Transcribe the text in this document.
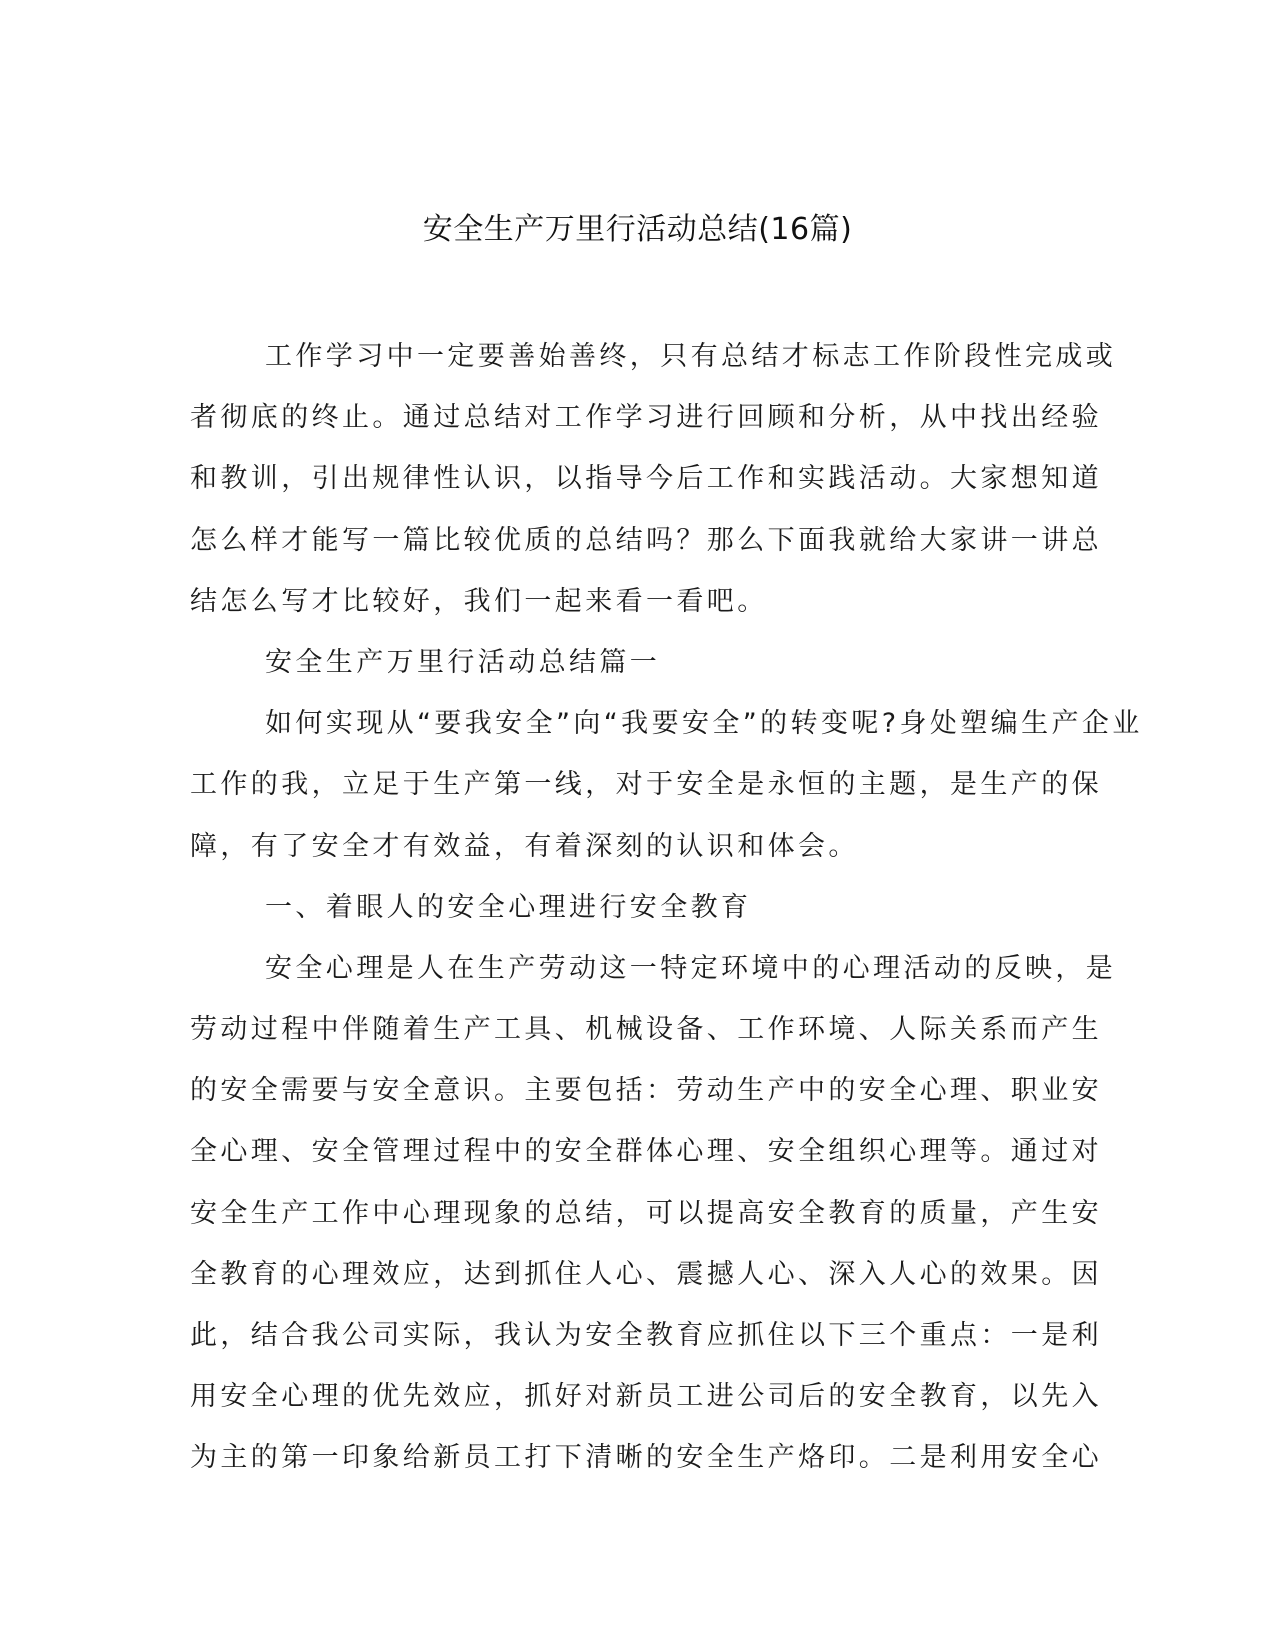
安全生产万里行活动总结(16篇)
工作学习中一定要善始善终，只有总结才标志工作阶段性完成或
者彻底的终止。通过总结对工作学习进行回顾和分析，从中找出经验
和教训，引出规律性认识，以指导今后工作和实践活动。大家想知道
怎么样才能写一篇比较优质的总结吗？那么下面我就给大家讲一讲总
结怎么写才比较好，我们一起来看一看吧。
安全生产万里行活动总结篇一
如何实现从“要我安全”向“我要安全”的转变呢?身处塑编生产企业
工作的我，立足于生产第一线，对于安全是永恒的主题，是生产的保
障，有了安全才有效益，有着深刻的认识和体会。
一、着眼人的安全心理进行安全教育
安全心理是人在生产劳动这一特定环境中的心理活动的反映，是
劳动过程中伴随着生产工具、机械设备、工作环境、人际关系而产生
的安全需要与安全意识。主要包括：劳动生产中的安全心理、职业安
全心理、安全管理过程中的安全群体心理、安全组织心理等。通过对
安全生产工作中心理现象的总结，可以提高安全教育的质量，产生安
全教育的心理效应，达到抓住人心、震撼人心、深入人心的效果。因
此，结合我公司实际，我认为安全教育应抓住以下三个重点：一是利
用安全心理的优先效应，抓好对新员工进公司后的安全教育，以先入
为主的第一印象给新员工打下清晰的安全生产烙印。二是利用安全心
